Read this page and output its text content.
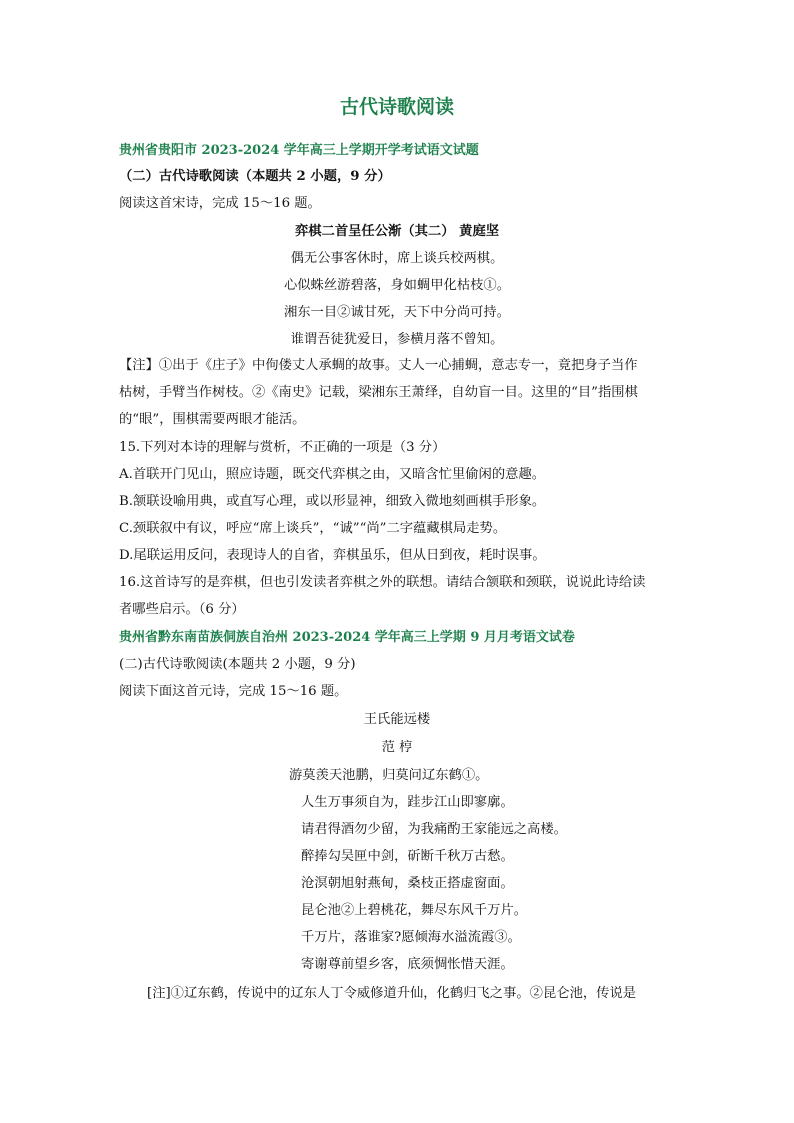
古代诗歌阅读
贵州省贵阳市 2023-2024 学年高三上学期开学考试语文试题
（二）古代诗歌阅读（本题共 2 小题，9 分）
阅读这首宋诗，完成 15～16 题。
弈棋二首呈任公渐（其二） 黄庭坚
偶无公事客休时，席上谈兵校两棋。
心似蛛丝游碧落，身如蜩甲化枯枝①。
湘东一目②诚甘死，天下中分尚可持。
谁谓吾徒犹爱日，参横月落不曾知。
【注】①出于《庄子》中佝偻丈人承蜩的故事。丈人一心捕蜩，意志专一，竟把身子当作
枯树，手臂当作树枝。②《南史》记载，梁湘东王萧绎，自幼盲一目。这里的“目”指围棋
的“眼”，围棋需要两眼才能活。
15.下列对本诗的理解与赏析，不正确的一项是（3 分）
A.首联开门见山，照应诗题，既交代弈棋之由，又暗含忙里偷闲的意趣。
B.颔联设喻用典，或直写心理，或以形显神，细致入微地刻画棋手形象。
C.颈联叙中有议，呼应“席上谈兵”，“诚”“尚”二字蕴藏棋局走势。
D.尾联运用反问，表现诗人的自省，弈棋虽乐，但从日到夜，耗时误事。
16.这首诗写的是弈棋，但也引发读者弈棋之外的联想。请结合颔联和颈联，说说此诗给读
者哪些启示。（6 分）
贵州省黔东南苗族侗族自治州 2023-2024 学年高三上学期 9 月月考语文试卷
(二)古代诗歌阅读(本题共 2 小题，9 分)
阅读下面这首元诗，完成 15～16 题。
王氏能远楼
范 梈
游莫羡天池鹏，归莫问辽东鹤①。
人生万事须自为，跬步江山即寥廓。
请君得酒勿少留，为我痛酌王家能远之高楼。
醉捧勾吴匣中剑，斫断千秋万古愁。
沧溟朝旭射燕甸，桑枝正搭虚窗面。
昆仑池②上碧桃花，舞尽东风千万片。
千万片，落谁家?愿倾海水溢流霞③。
寄谢尊前望乡客，底须惆怅惜天涯。
[注]①辽东鹤，传说中的辽东人丁令威修道升仙，化鹤归飞之事。②昆仑池，传说是
